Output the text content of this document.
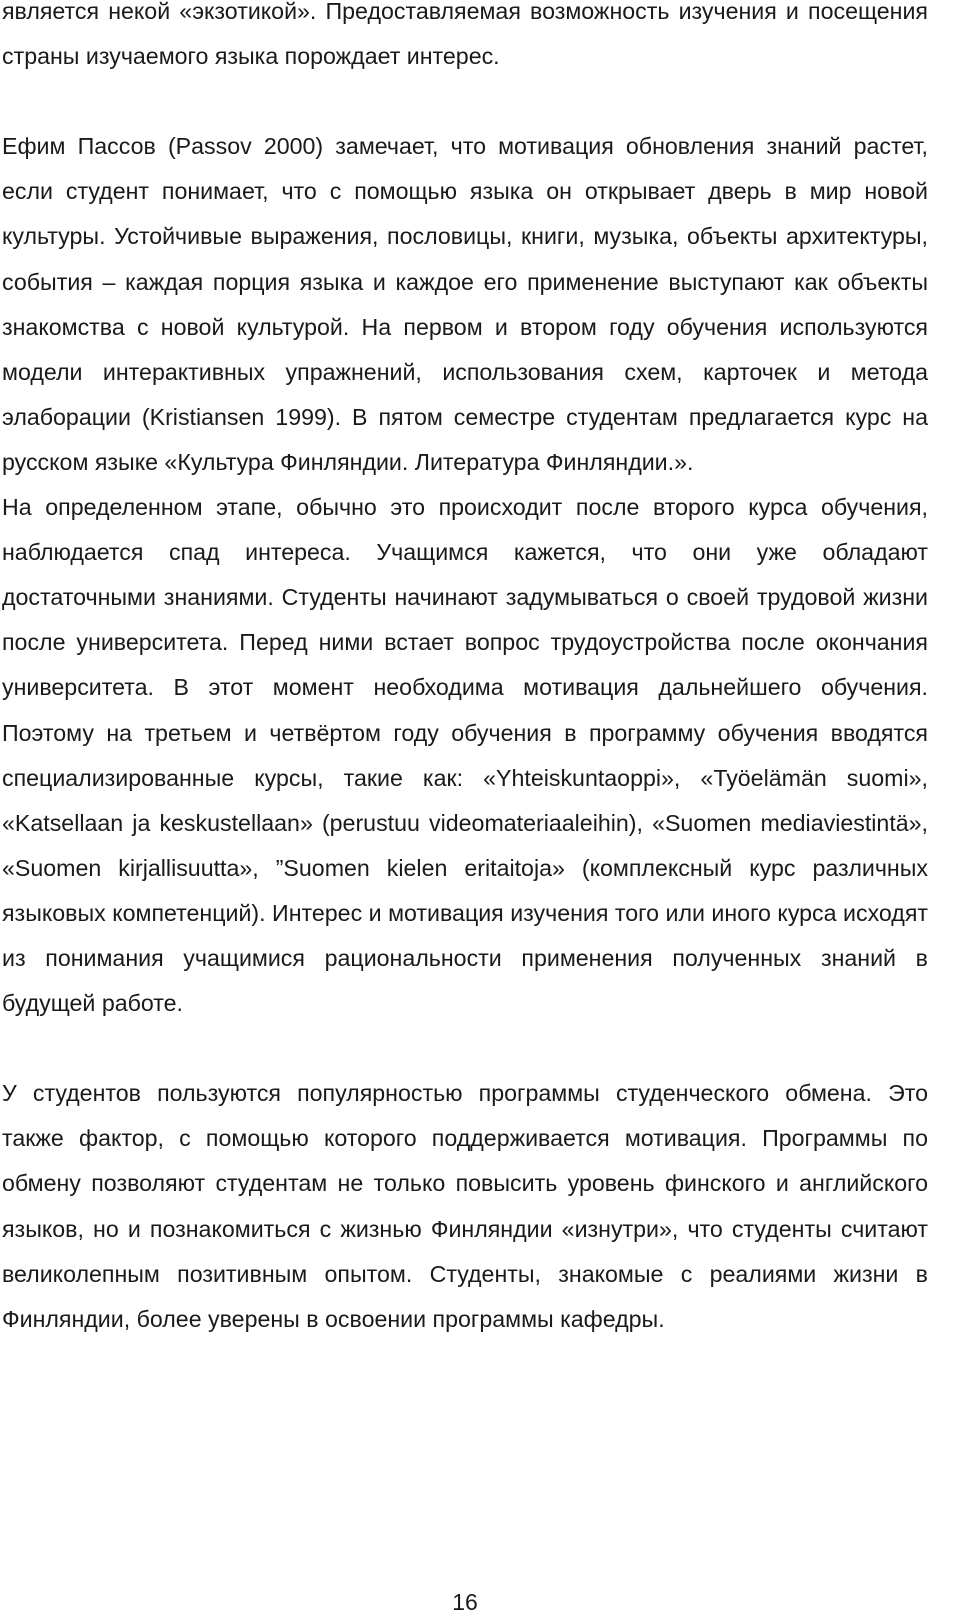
является некой «экзотикой». Предоставляемая возможность изучения и посещения страны изучаемого языка порождает интерес.

Ефим Пассов (Passov 2000) замечает, что мотивация обновления знаний растет, если студент понимает, что с помощью языка он открывает дверь в мир новой культуры. Устойчивые выражения, пословицы, книги, музыка, объекты архитектуры, события – каждая порция языка и каждое его применение выступают как объекты знакомства с новой культурой. На первом и втором году обучения используются модели интерактивных упражнений, использования схем, карточек и метода элаборации (Kristiansen 1999). В пятом семестре студентам предлагается курс на русском языке «Культура Финляндии. Литература Финляндии.».

На определенном этапе, обычно это происходит после второго курса обучения, наблюдается спад интереса. Учащимся кажется, что они уже обладают достаточными знаниями. Студенты начинают задумываться о своей трудовой жизни после университета. Перед ними встает вопрос трудоустройства после окончания университета. В этот момент необходима мотивация дальнейшего обучения. Поэтому на третьем и четвёртом году обучения в программу обучения вводятся специализированные курсы, такие как: «Yhteiskuntaoppi», «Työelämän suomi», «Katsellaan ja keskustellaan» (perustuu videomateriaaleihin), «Suomen mediaviestintä», «Suomen kirjallisuutta», ”Suomen kielen eritaitoja» (комплексный курс различных языковых компетенций). Интерес и мотивация изучения того или иного курса исходят из понимания учащимися рациональности применения полученных знаний в будущей работе.

У студентов пользуются популярностью программы студенческого обмена. Это также фактор, с помощью которого поддерживается мотивация. Программы по обмену позволяют студентам не только повысить уровень финского и английского языков, но и познакомиться с жизнью Финляндии «изнутри», что студенты считают великолепным позитивным опытом. Студенты, знакомые с реалиями жизни в Финляндии, более уверены в освоении программы кафедры.

16
